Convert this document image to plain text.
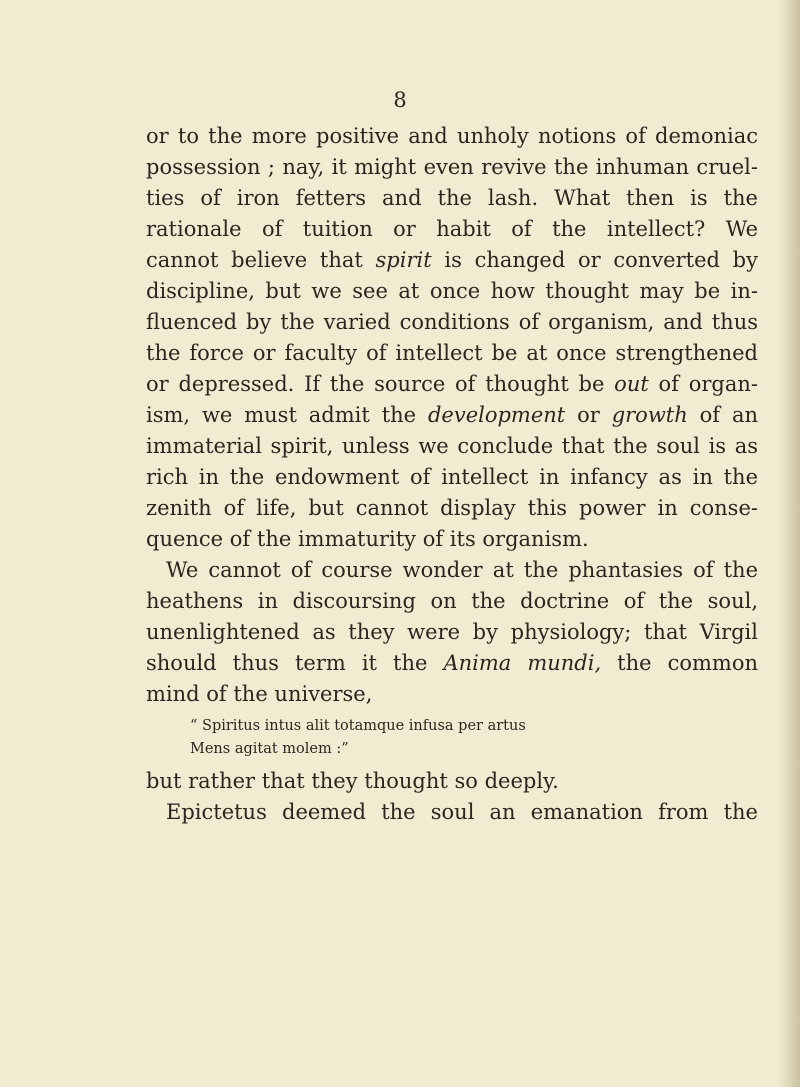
8
or to the more positive and unholy notions of demoniac
possession ; nay, it might even revive the inhuman cruel-
ties of iron fetters and the lash. What then is the
rationale of tuition or habit of the intellect? We
cannot believe that spirit is changed or converted by
discipline, but we see at once how thought may be in-
fluenced by the varied conditions of organism, and thus
the force or faculty of intellect be at once strengthened
or depressed. If the source of thought be out of organ-
ism, we must admit the development or growth of an
immaterial spirit, unless we conclude that the soul is as
rich in the endowment of intellect in infancy as in the
zenith of life, but cannot display this power in conse-
quence of the immaturity of its organism.
We cannot of course wonder at the phantasies of the
heathens in discoursing on the doctrine of the soul,
unenlightened as they were by physiology; that Virgil
should thus term it the Anima mundi, the common
mind of the universe,
“ Spiritus intus alit totamque infusa per artus
Mens agitat molem :”
but rather that they thought so deeply.
Epictetus deemed the soul an emanation from the
